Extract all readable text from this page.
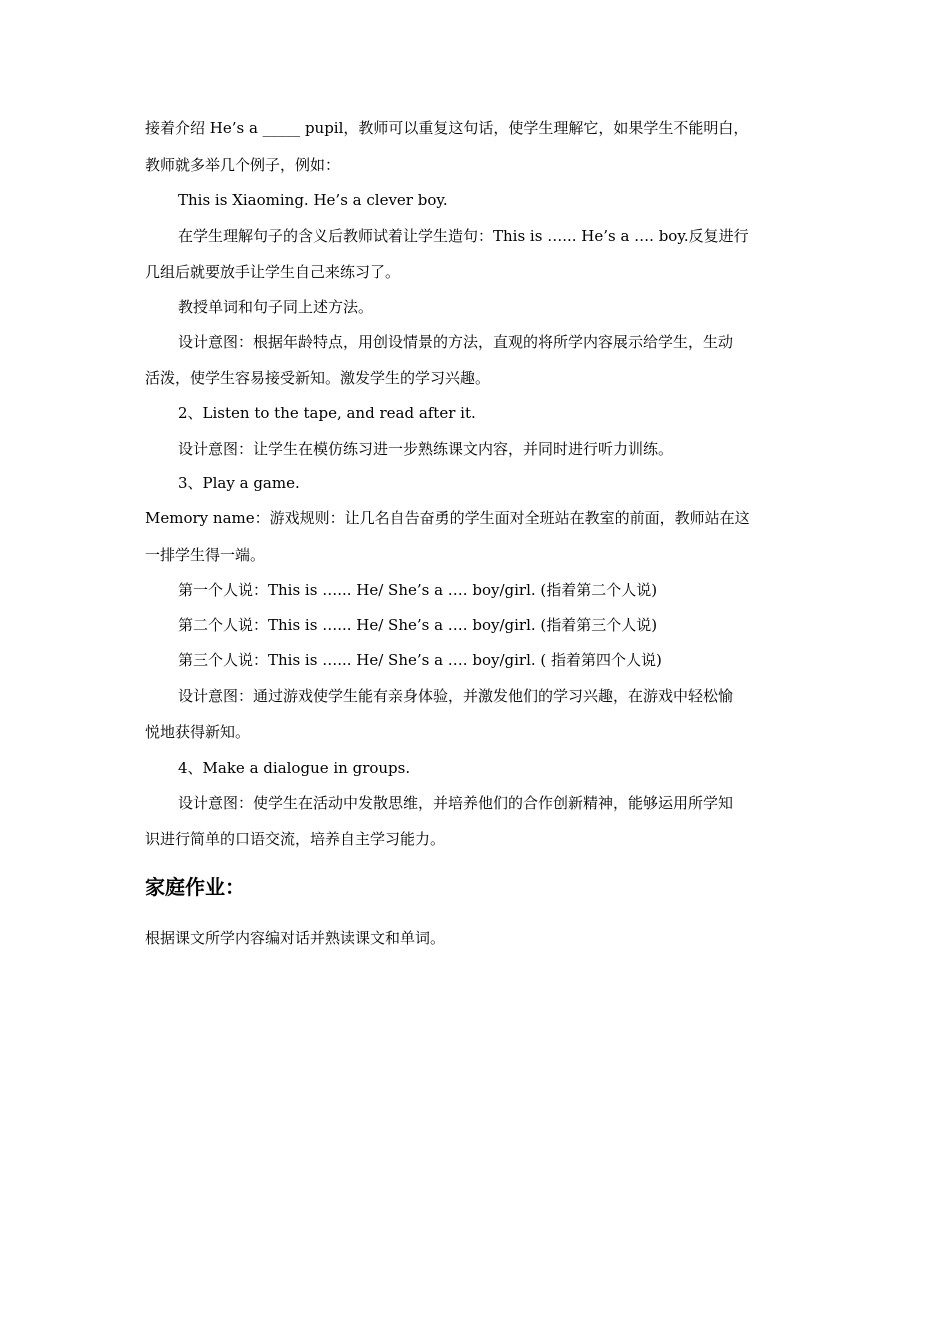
接着介绍 He’s a _____ pupil，教师可以重复这句话，使学生理解它，如果学生不能明白，
教师就多举几个例子，例如：
This is Xiaoming. He’s a clever boy.
在学生理解句子的含义后教师试着让学生造句：This is …... He’s a …. boy.反复进行
几组后就要放手让学生自己来练习了。
教授单词和句子同上述方法。
设计意图：根据年龄特点，用创设情景的方法，直观的将所学内容展示给学生，生动
活泼，使学生容易接受新知。激发学生的学习兴趣。
2、Listen to the tape, and read after it.
设计意图：让学生在模仿练习进一步熟练课文内容，并同时进行听力训练。
3、Play a game.
Memory name：游戏规则：让几名自告奋勇的学生面对全班站在教室的前面，教师站在这
一排学生得一端。
第一个人说：This is …... He/ She’s a …. boy/girl. (指着第二个人说)
第二个人说：This is …... He/ She’s a …. boy/girl. (指着第三个人说)
第三个人说：This is …... He/ She’s a …. boy/girl. ( 指着第四个人说)
设计意图：通过游戏使学生能有亲身体验，并激发他们的学习兴趣，在游戏中轻松愉
悦地获得新知。
4、Make a dialogue in groups.
设计意图：使学生在活动中发散思维，并培养他们的合作创新精神，能够运用所学知
识进行简单的口语交流，培养自主学习能力。
家庭作业：
根据课文所学内容编对话并熟读课文和单词。
